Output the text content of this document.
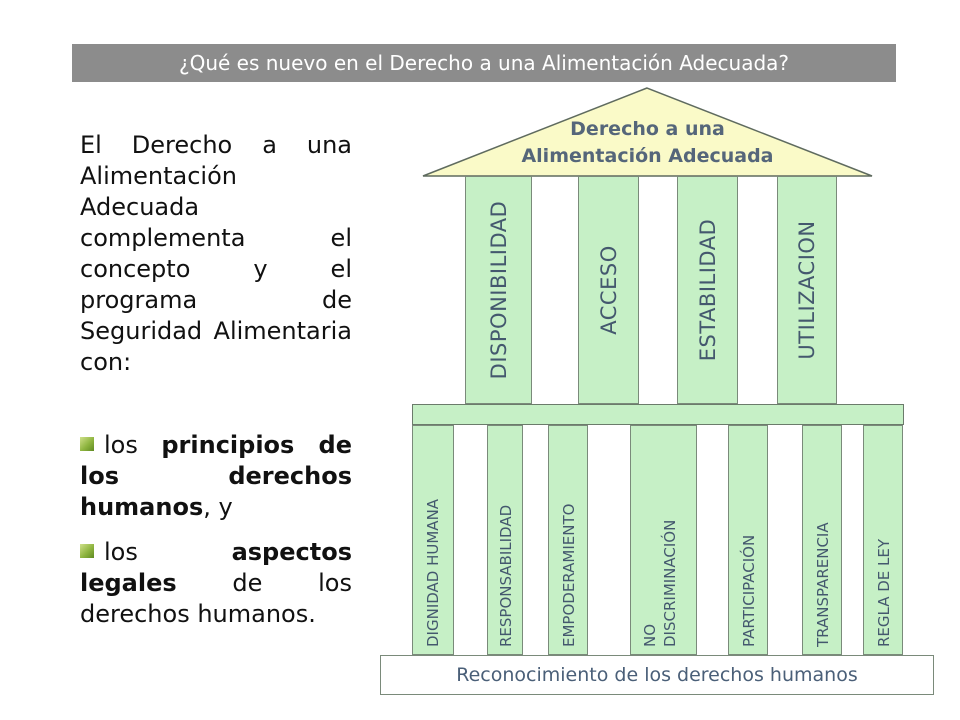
¿Qué es nuevo en el Derecho a una Alimentación Adecuada?

El Derecho a una Alimentación Adecuada complementa el concepto y el programa de Seguridad Alimentaria con:

los principios de los derechos humanos, y

los aspectos legales de los derechos humanos.

Derecho a una
Alimentación Adecuada
DISPONIBILIDAD	ACCESO	ESTABILIDAD	UTILIZACION
DIGNIDAD HUMANA	RESPONSABILIDAD	EMPODERAMIENTO	NO DISCRIMINACIÓN	PARTICIPACIÓN	TRANSPARENCIA	REGLA DE LEY
Reconocimiento de los derechos humanos
